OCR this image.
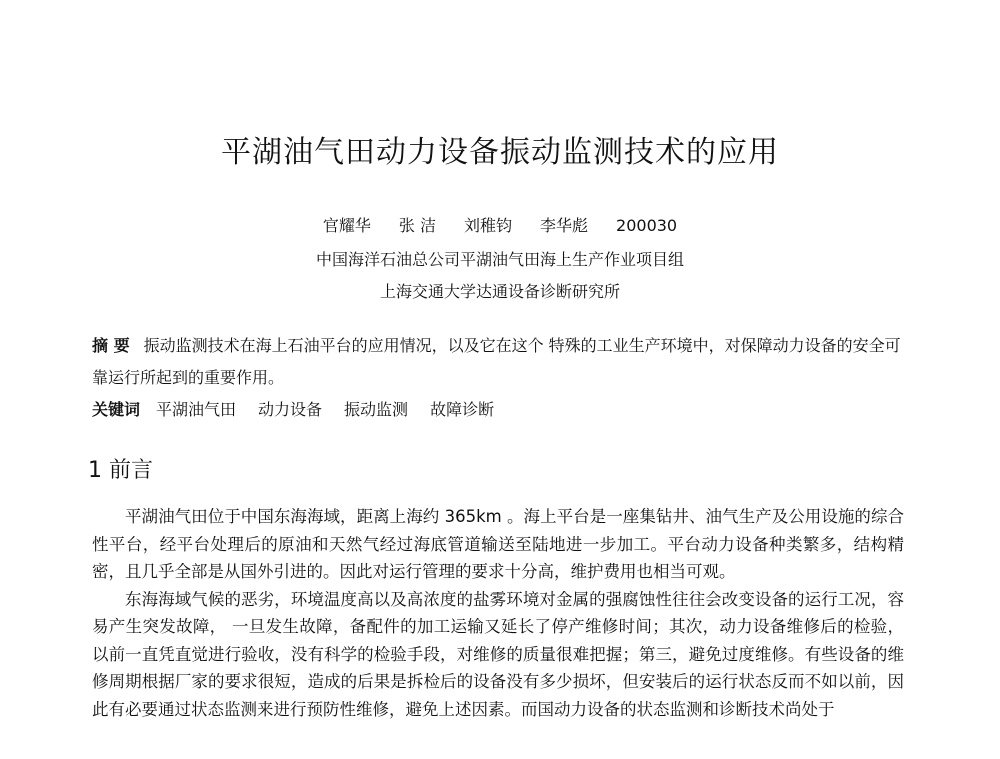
平湖油气田动力设备振动监测技术的应用
官耀华 张 洁 刘稚钧 李华彪 200030
中国海洋石油总公司平湖油气田海上生产作业项目组
上海交通大学达通设备诊断研究所
摘 要 振动监测技术在海上石油平台的应用情况，以及它在这个 特殊的工业生产环境中，对保障动力设备的安全可靠运行所起到的重要作用。
关键词 平湖油气田 动力设备 振动监测 故障诊断
1 前言

平湖油气田位于中国东海海域，距离上海约 365km 。海上平台是一座集钻井、油气生产及公用设施的综合性平台，经平台处理后的原油和天然气经过海底管道输送至陆地进一步加工。平台动力设备种类繁多，结构精密，且几乎全部是从国外引进的。因此对运行管理的要求十分高，维护费用也相当可观。

东海海域气候的恶劣，环境温度高以及高浓度的盐雾环境对金属的强腐蚀性往往会改变设备的运行工况，容易产生突发故障， 一旦发生故障，备配件的加工运输又延长了停产维修时间；其次，动力设备维修后的检验，以前一直凭直觉进行验收，没有科学的检验手段，对维修的质量很难把握；第三，避免过度维修。有些设备的维修周期根据厂家的要求很短，造成的后果是拆检后的设备没有多少损坏，但安装后的运行状态反而不如以前，因此有必要通过状态监测来进行预防性维修，避免上述因素。而国动力设备的状态监测和诊断技术尚处于
